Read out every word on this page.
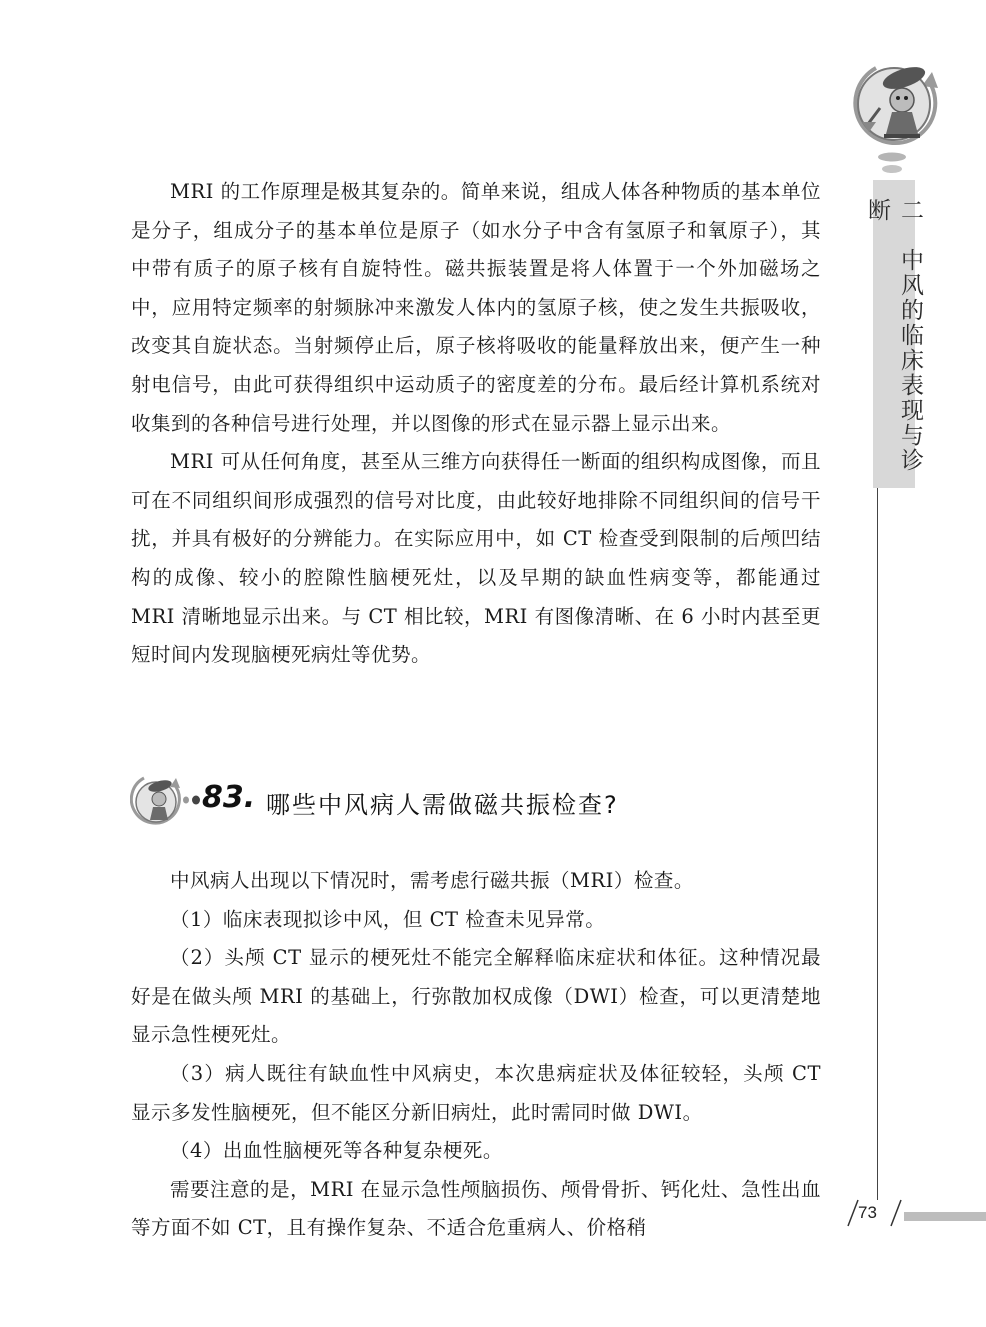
二　中风的临床表现与诊断

MRI 的工作原理是极其复杂的。简单来说，组成人体各种物质的基本单位是分子，组成分子的基本单位是原子（如水分子中含有氢原子和氧原子），其中带有质子的原子核有自旋特性。磁共振装置是将人体置于一个外加磁场之中，应用特定频率的射频脉冲来激发人体内的氢原子核，使之发生共振吸收，改变其自旋状态。当射频停止后，原子核将吸收的能量释放出来，便产生一种射电信号，由此可获得组织中运动质子的密度差的分布。最后经计算机系统对收集到的各种信号进行处理，并以图像的形式在显示器上显示出来。

MRI 可从任何角度，甚至从三维方向获得任一断面的组织构成图像，而且可在不同组织间形成强烈的信号对比度，由此较好地排除不同组织间的信号干扰，并具有极好的分辨能力。在实际应用中，如 CT 检查受到限制的后颅凹结构的成像、较小的腔隙性脑梗死灶，以及早期的缺血性病变等，都能通过 MRI 清晰地显示出来。与 CT 相比较，MRI 有图像清晰、在 6 小时内甚至更短时间内发现脑梗死病灶等优势。

83. 哪些中风病人需做磁共振检查?

中风病人出现以下情况时，需考虑行磁共振（MRI）检查。

（1）临床表现拟诊中风，但 CT 检查未见异常。

（2）头颅 CT 显示的梗死灶不能完全解释临床症状和体征。这种情况最好是在做头颅 MRI 的基础上，行弥散加权成像（DWI）检查，可以更清楚地显示急性梗死灶。

（3）病人既往有缺血性中风病史，本次患病症状及体征较轻，头颅 CT 显示多发性脑梗死，但不能区分新旧病灶，此时需同时做 DWI。

（4）出血性脑梗死等各种复杂梗死。

需要注意的是，MRI 在显示急性颅脑损伤、颅骨骨折、钙化灶、急性出血等方面不如 CT，且有操作复杂、不适合危重病人、价格稍

73
